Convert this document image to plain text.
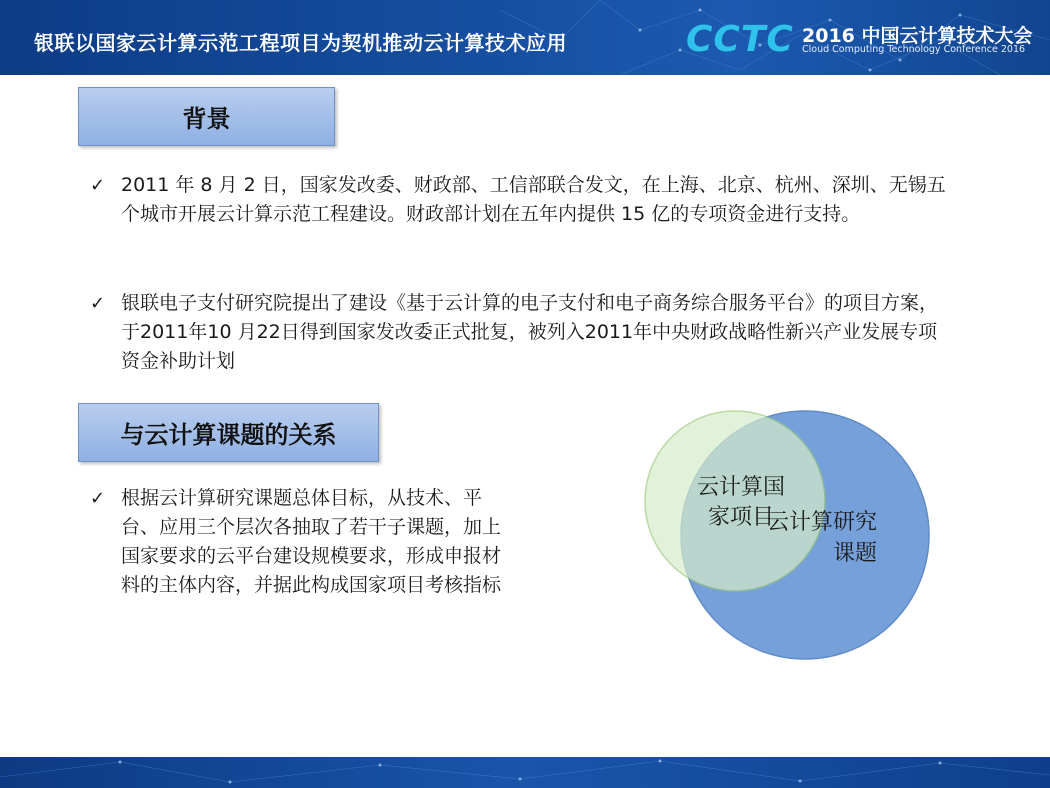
银联以国家云计算示范工程项目为契机推动云计算技术应用	CCTC 2016 中国云计算技术大会
Cloud Computing Technology Conference 2016
背景
✓ 2011 年 8 月 2 日，国家发改委、财政部、工信部联合发文，在上海、北京、杭州、深圳、无锡五个城市开展云计算示范工程建设。财政部计划在五年内提供 15 亿的专项资金进行支持。
✓ 银联电子支付研究院提出了建设《基于云计算的电子支付和电子商务综合服务平台》的项目方案，于2011年10 月22日得到国家发改委正式批复，被列入2011年中央财政战略性新兴产业发展专项资金补助计划
与云计算课题的关系
✓ 根据云计算研究课题总体目标，从技术、平台、应用三个层次各抽取了若干子课题，加上国家要求的云平台建设规模要求，形成申报材料的主体内容，并据此构成国家项目考核指标
云计算研究
课题
云计算国
家项目
